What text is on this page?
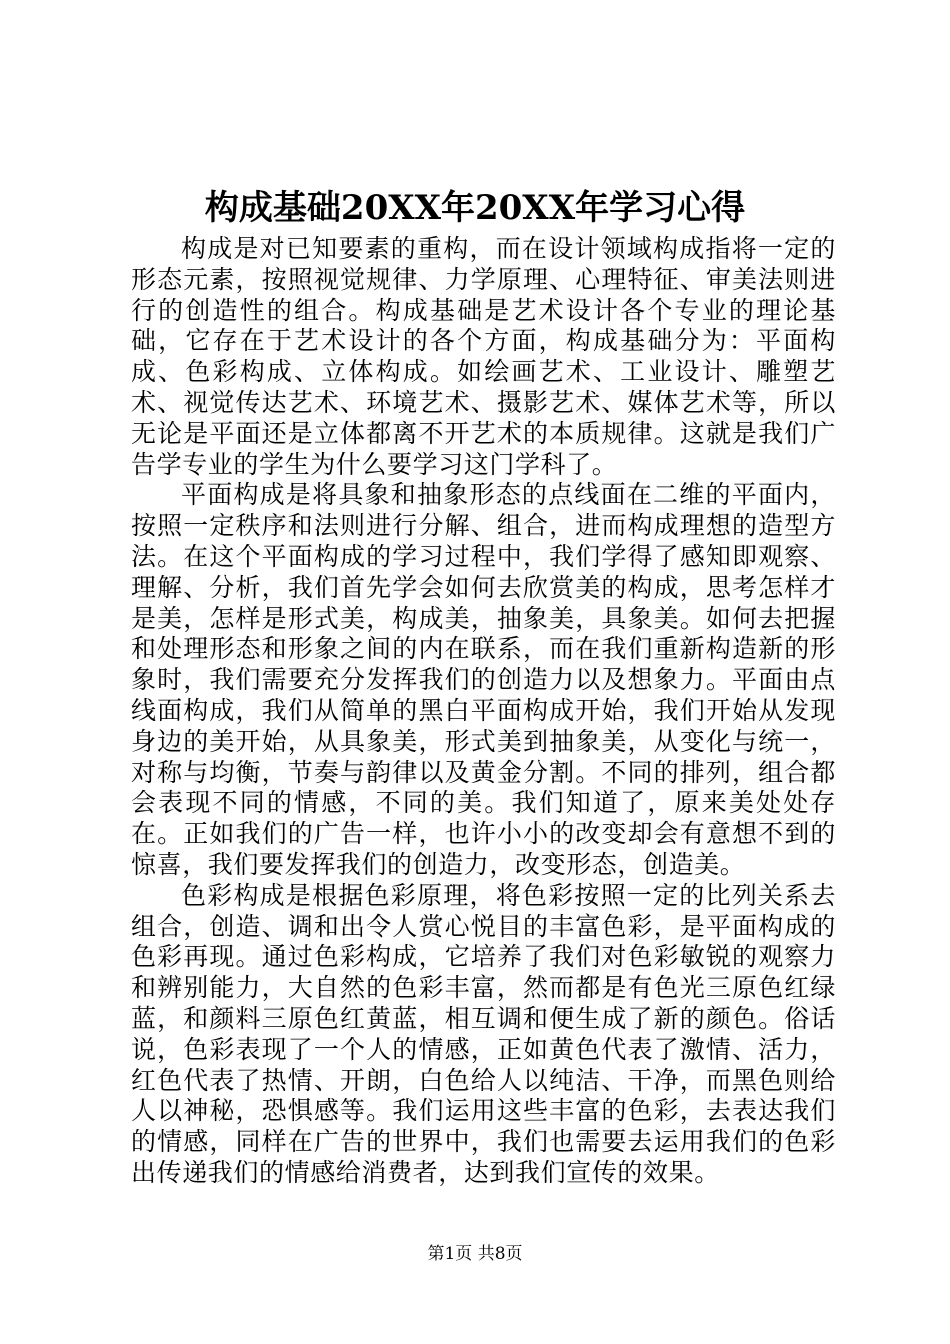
构成基础20XX年20XX年学习心得

构成是对已知要素的重构，而在设计领域构成指将一定的形态元素，按照视觉规律、力学原理、心理特征、审美法则进行的创造性的组合。构成基础是艺术设计各个专业的理论基础，它存在于艺术设计的各个方面，构成基础分为：平面构成、色彩构成、立体构成。如绘画艺术、工业设计、雕塑艺术、视觉传达艺术、环境艺术、摄影艺术、媒体艺术等，所以无论是平面还是立体都离不开艺术的本质规律。这就是我们广告学专业的学生为什么要学习这门学科了。

平面构成是将具象和抽象形态的点线面在二维的平面内，按照一定秩序和法则进行分解、组合，进而构成理想的造型方法。在这个平面构成的学习过程中，我们学得了感知即观察、理解、分析，我们首先学会如何去欣赏美的构成，思考怎样才是美，怎样是形式美，构成美，抽象美，具象美。如何去把握和处理形态和形象之间的内在联系，而在我们重新构造新的形象时，我们需要充分发挥我们的创造力以及想象力。平面由点线面构成，我们从简单的黑白平面构成开始，我们开始从发现身边的美开始，从具象美，形式美到抽象美，从变化与统一，对称与均衡，节奏与韵律以及黄金分割。不同的排列，组合都会表现不同的情感，不同的美。我们知道了，原来美处处存在。正如我们的广告一样，也许小小的改变却会有意想不到的惊喜，我们要发挥我们的创造力，改变形态，创造美。

色彩构成是根据色彩原理，将色彩按照一定的比列关系去组合，创造、调和出令人赏心悦目的丰富色彩，是平面构成的色彩再现。通过色彩构成，它培养了我们对色彩敏锐的观察力和辨别能力，大自然的色彩丰富，然而都是有色光三原色红绿蓝，和颜料三原色红黄蓝，相互调和便生成了新的颜色。俗话说，色彩表现了一个人的情感，正如黄色代表了激情、活力，红色代表了热情、开朗，白色给人以纯洁、干净，而黑色则给人以神秘，恐惧感等。我们运用这些丰富的色彩，去表达我们的情感，同样在广告的世界中，我们也需要去运用我们的色彩出传递我们的情感给消费者，达到我们宣传的效果。

第1页 共8页
